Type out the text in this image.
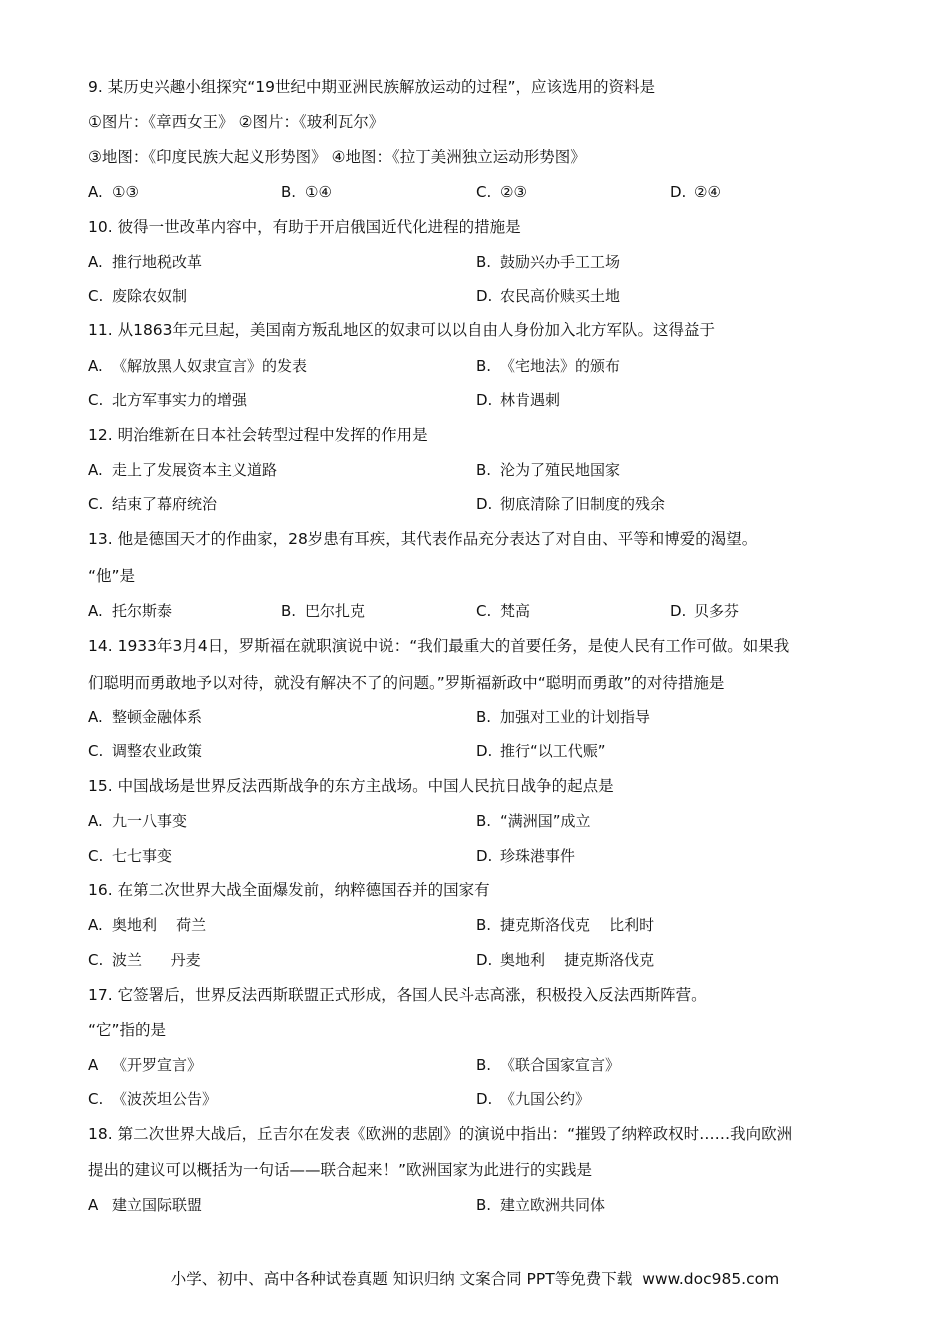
9. 某历史兴趣小组探究“19世纪中期亚洲民族解放运动的过程”，应该选用的资料是
①图片：《章西女王》 ②图片：《玻利瓦尔》
③地图：《印度民族大起义形势图》 ④地图：《拉丁美洲独立运动形势图》
A. ①③	B. ①④	C. ②③	D. ②④
10. 彼得一世改革内容中，有助于开启俄国近代化进程的措施是
A. 推行地税改革	B. 鼓励兴办手工工场
C. 废除农奴制	D. 农民高价赎买土地
11. 从1863年元旦起，美国南方叛乱地区的奴隶可以以自由人身份加入北方军队。这得益于
A. 《解放黑人奴隶宣言》的发表	B. 《宅地法》的颁布
C. 北方军事实力的增强	D. 林肯遇刺
12. 明治维新在日本社会转型过程中发挥的作用是
A. 走上了发展资本主义道路	B. 沦为了殖民地国家
C. 结束了幕府统治	D. 彻底清除了旧制度的残余
13. 他是德国天才的作曲家，28岁患有耳疾，其代表作品充分表达了对自由、平等和博爱的渴望。
“他”是
A. 托尔斯泰	B. 巴尔扎克	C. 梵高	D. 贝多芬
14. 1933年3月4日，罗斯福在就职演说中说：“我们最重大的首要任务，是使人民有工作可做。如果我
们聪明而勇敢地予以对待，就没有解决不了的问题。”罗斯福新政中“聪明而勇敢”的对待措施是
A. 整顿金融体系	B. 加强对工业的计划指导
C. 调整农业政策	D. 推行“以工代赈”
15. 中国战场是世界反法西斯战争的东方主战场。中国人民抗日战争的起点是
A. 九一八事变	B. “满洲国”成立
C. 七七事变	D. 珍珠港事件
16. 在第二次世界大战全面爆发前，纳粹德国吞并的国家有
A. 奥地利    荷兰	B. 捷克斯洛伐克    比利时
C. 波兰      丹麦	D. 奥地利    捷克斯洛伐克
17. 它签署后，世界反法西斯联盟正式形成，各国人民斗志高涨，积极投入反法西斯阵营。
“它”指的是
A 《开罗宣言》	B. 《联合国家宣言》
C. 《波茨坦公告》	D. 《九国公约》
18. 第二次世界大战后，丘吉尔在发表《欧洲的悲剧》的演说中指出：“摧毁了纳粹政权时……我向欧洲
提出的建议可以概括为一句话——联合起来！”欧洲国家为此进行的实践是
A 建立国际联盟	B. 建立欧洲共同体
小学、初中、高中各种试卷真题 知识归纳 文案合同 PPT等免费下载 www.doc985.com
